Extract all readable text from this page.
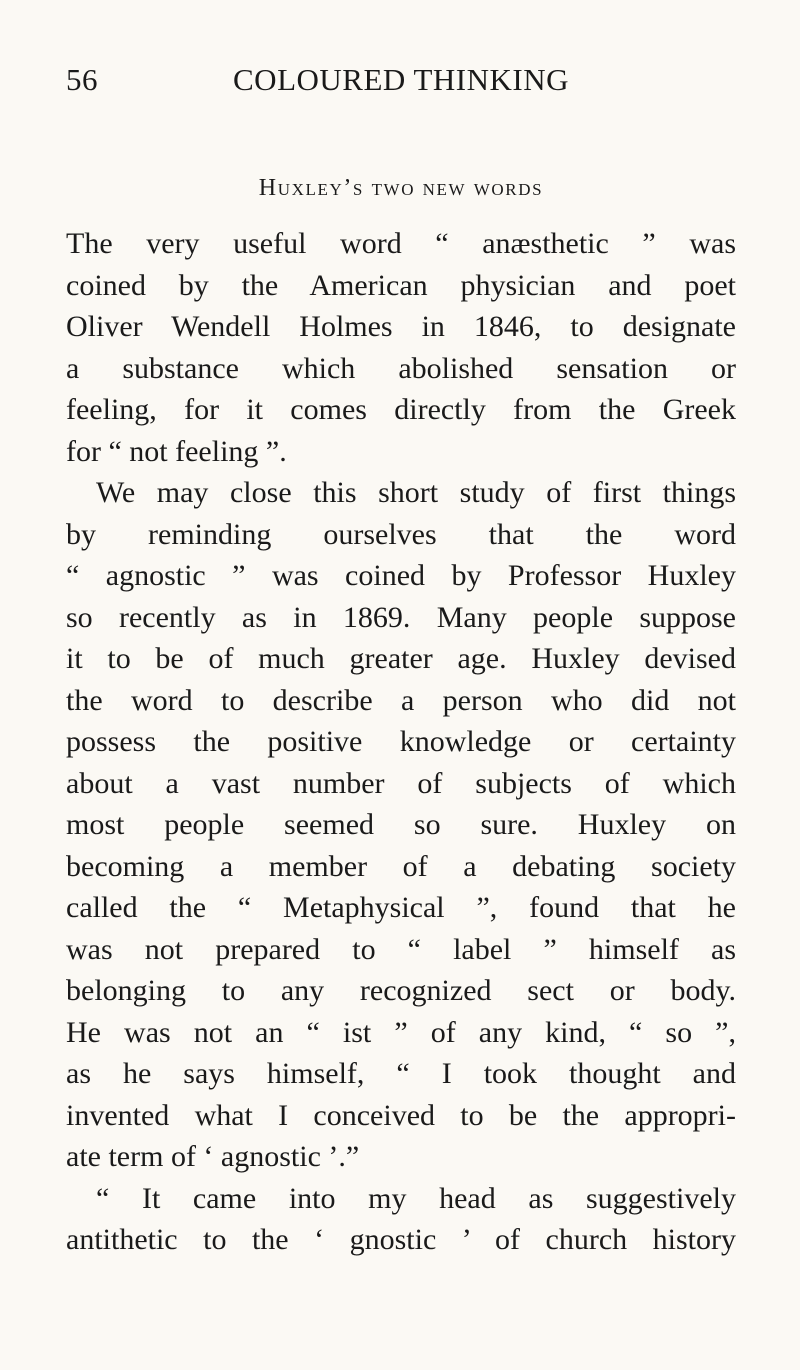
56	COLOURED THINKING
Huxley’s two new words
The very useful word “ anæsthetic ” was
coined by the American physician and poet
Oliver Wendell Holmes in 1846, to designate
a substance which abolished sensation or
feeling, for it comes directly from the Greek
for “ not feeling ”.
We may close this short study of first things
by reminding ourselves that the word
“ agnostic ” was coined by Professor Huxley
so recently as in 1869. Many people suppose
it to be of much greater age. Huxley devised
the word to describe a person who did not
possess the positive knowledge or certainty
about a vast number of subjects of which
most people seemed so sure. Huxley on
becoming a member of a debating society
called the “ Metaphysical ”, found that he
was not prepared to “ label ” himself as
belonging to any recognized sect or body.
He was not an “ ist ” of any kind, “ so ”,
as he says himself, “ I took thought and
invented what I conceived to be the appropri-
ate term of ‘ agnostic ’.”
“ It came into my head as suggestively
antithetic to the ‘ gnostic ’ of church history
